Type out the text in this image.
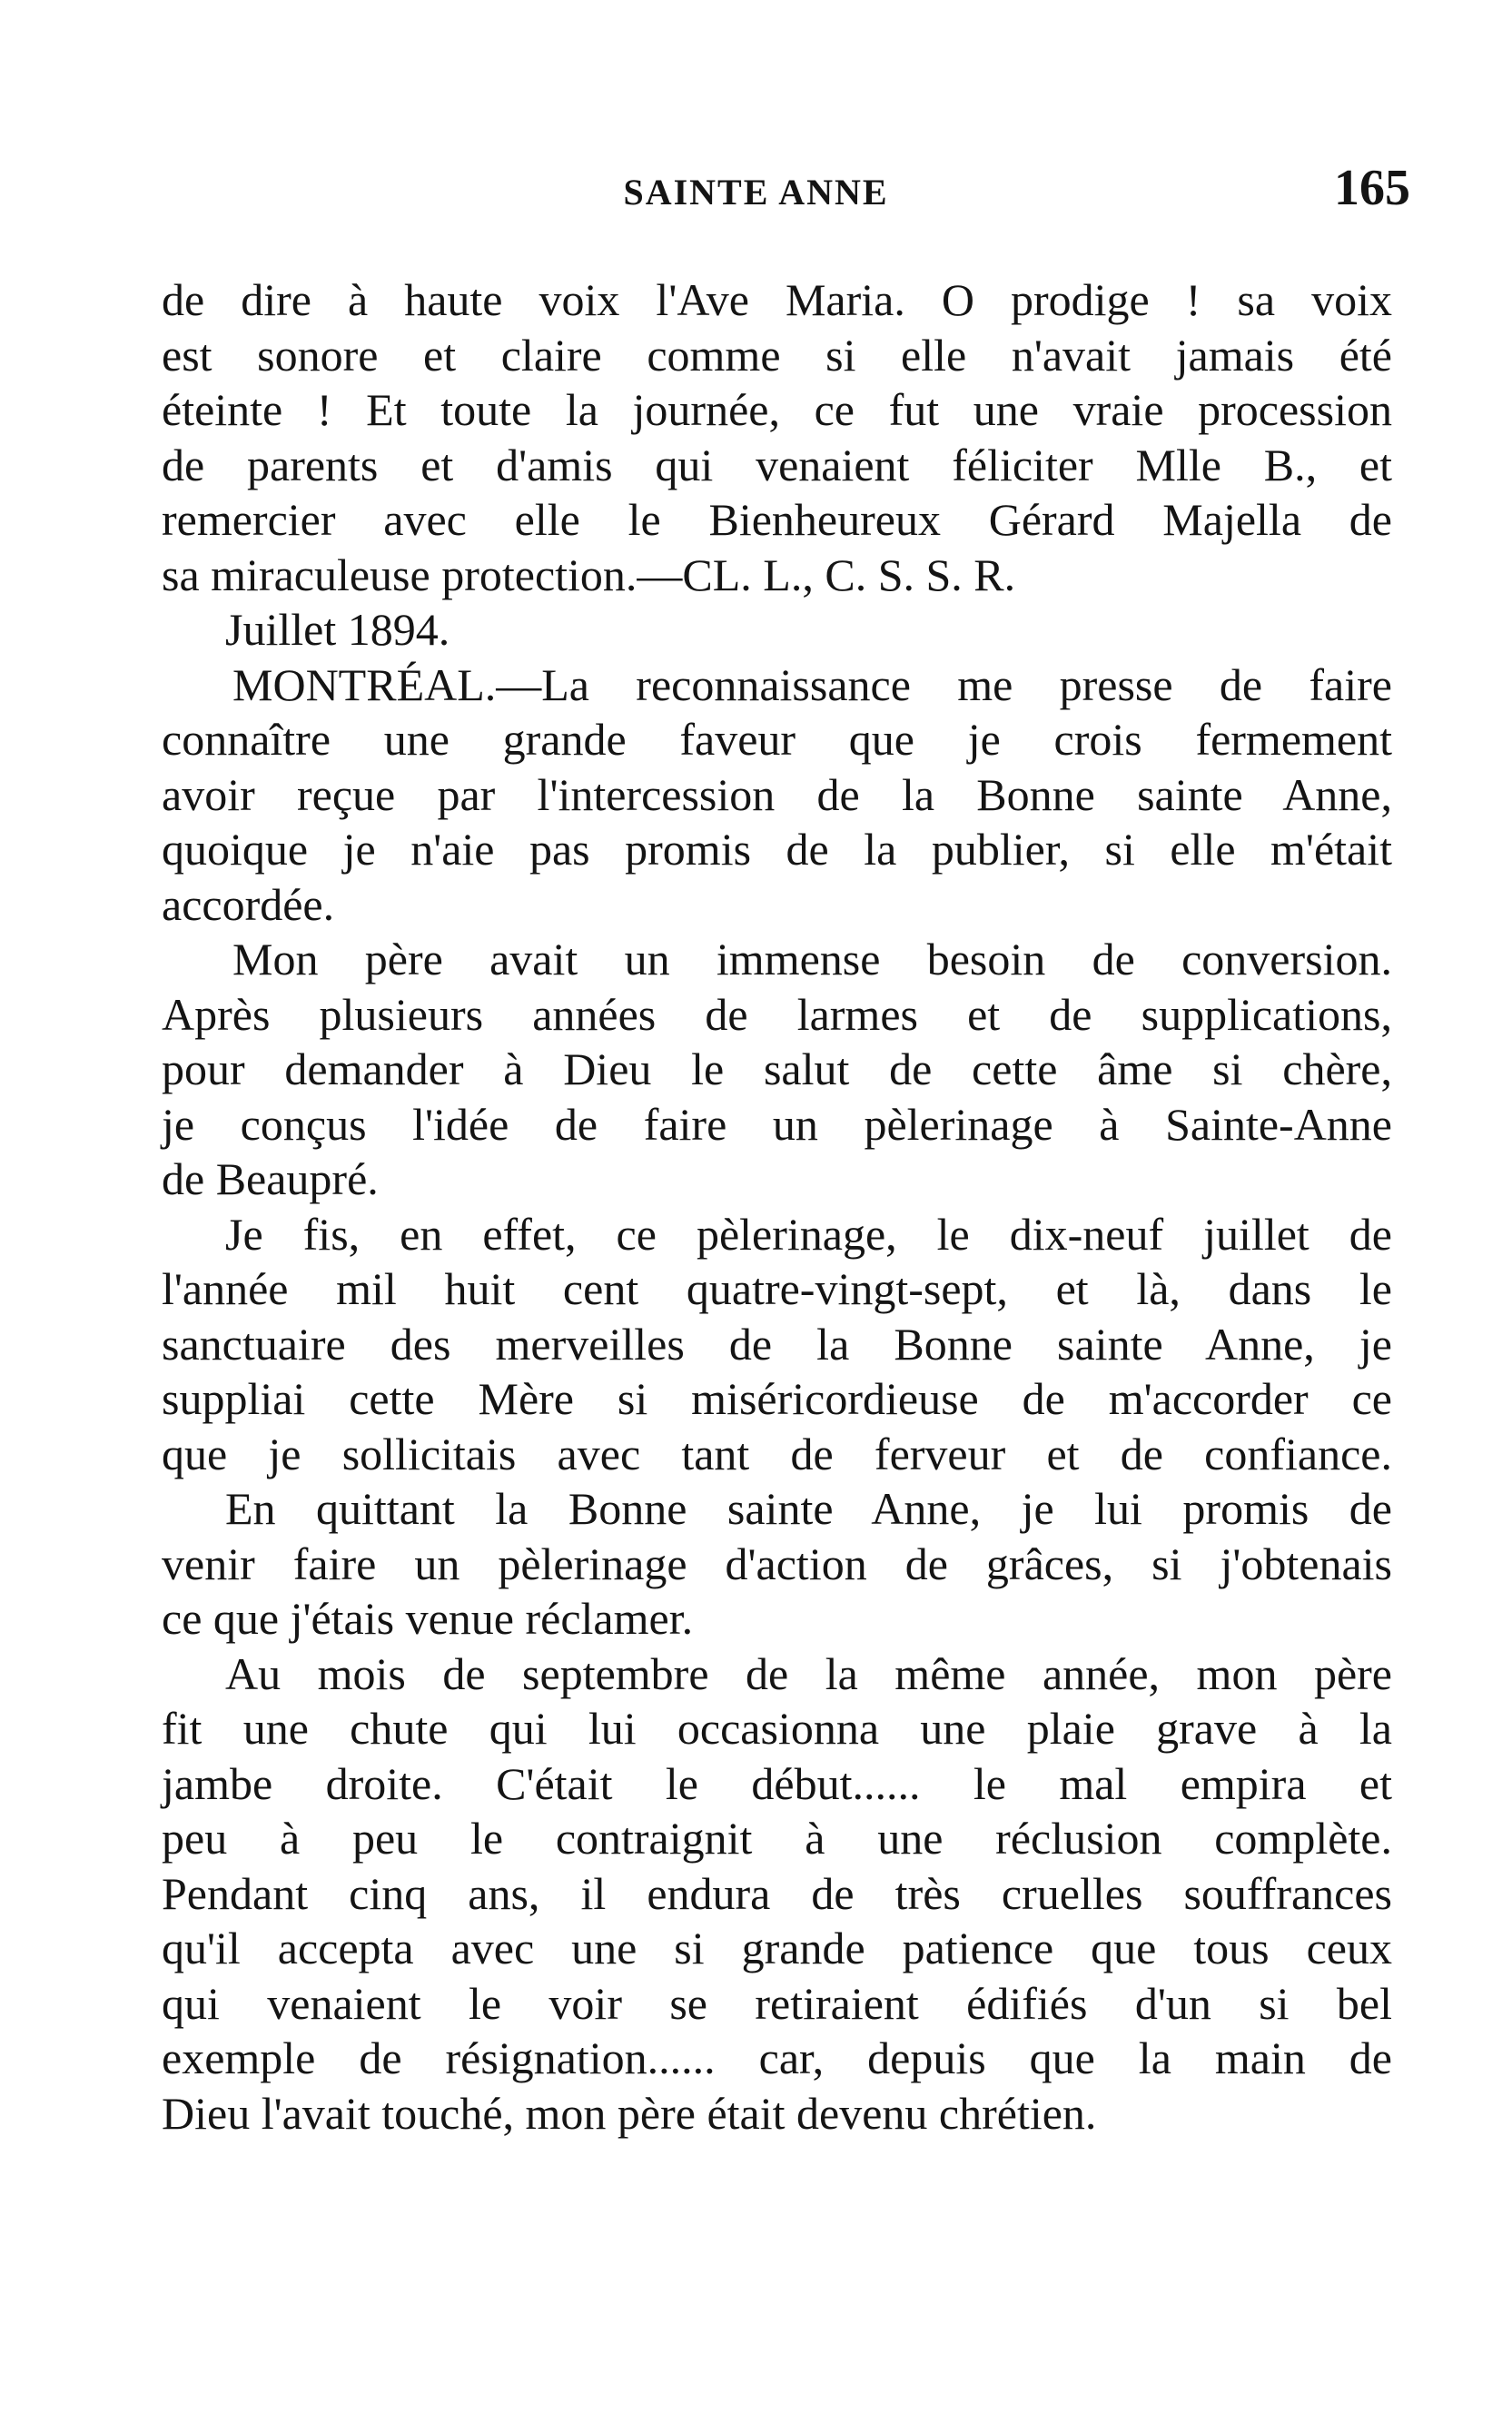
SAINTE ANNE	165

de dire à haute voix l'Ave Maria. O prodige ! sa voix

est sonore et claire comme si elle n'avait jamais été

éteinte ! Et toute la journée, ce fut une vraie procession

de parents et d'amis qui venaient féliciter Mlle B., et

remercier avec elle le Bienheureux Gérard Majella de

sa miraculeuse protection.—CL. L., C. S. S. R.

Juillet 1894.

MONTRÉAL.—La reconnaissance me presse de faire

connaître une grande faveur que je crois fermement

avoir reçue par l'intercession de la Bonne sainte Anne,

quoique je n'aie pas promis de la publier, si elle m'était

accordée.

Mon père avait un immense besoin de conversion.

Après plusieurs années de larmes et de supplications,

pour demander à Dieu le salut de cette âme si chère,

je conçus l'idée de faire un pèlerinage à Sainte-Anne

de Beaupré.

Je fis, en effet, ce pèlerinage, le dix-neuf juillet de

l'année mil huit cent quatre-vingt-sept, et là, dans le

sanctuaire des merveilles de la Bonne sainte Anne, je

suppliai cette Mère si miséricordieuse de m'accorder ce

que je sollicitais avec tant de ferveur et de confiance.

En quittant la Bonne sainte Anne, je lui promis de

venir faire un pèlerinage d'action de grâces, si j'obtenais

ce que j'étais venue réclamer.

Au mois de septembre de la même année, mon père

fit une chute qui lui occasionna une plaie grave à la

jambe droite. C'était le début...... le mal empira et

peu à peu le contraignit à une réclusion complète.

Pendant cinq ans, il endura de très cruelles souffrances

qu'il accepta avec une si grande patience que tous ceux

qui venaient le voir se retiraient édifiés d'un si bel

exemple de résignation...... car, depuis que la main de

Dieu l'avait touché, mon père était devenu chrétien.
